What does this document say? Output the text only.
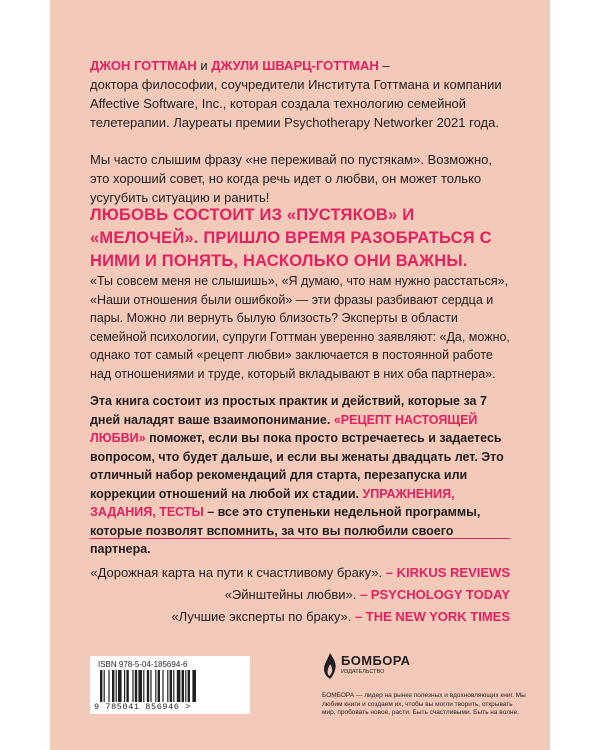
ДЖОН ГОТТМАН и ДЖУЛИ ШВАРЦ-ГОТТМАН –
доктора философии, соучредители Института Готтмана и компании Affective Software, Inc., которая создала технологию семейной телетерапии. Лауреаты премии Psychotherapy Networker 2021 года.

Мы часто слышим фразу «не переживай по пустякам». Возможно, это хороший совет, но когда речь идет о любви, он может только усугубить ситуацию и ранить!

ЛЮБОВЬ СОСТОИТ ИЗ «ПУСТЯКОВ» И «МЕЛОЧЕЙ». ПРИШЛО ВРЕМЯ РАЗОБРАТЬСЯ С НИМИ И ПОНЯТЬ, НАСКОЛЬКО ОНИ ВАЖНЫ.

«Ты совсем меня не слышишь», «Я думаю, что нам нужно расстаться», «Наши отношения были ошибкой» — эти фразы разбивают сердца и пары. Можно ли вернуть былую близость? Эксперты в области семейной психологии, супруги Готтман уверенно заявляют: «Да, можно, однако тот самый «рецепт любви» заключается в постоянной работе над отношениями и труде, который вкладывают в них оба партнера».

Эта книга состоит из простых практик и действий, которые за 7 дней наладят ваше взаимопонимание. «РЕЦЕПТ НАСТОЯЩЕЙ ЛЮБВИ» поможет, если вы пока просто встречаетесь и задаетесь вопросом, что будет дальше, и если вы женаты двадцать лет. Это отличный набор рекомендаций для старта, перезапуска или коррекции отношений на любой их стадии. УПРАЖНЕНИЯ, ЗАДАНИЯ, ТЕСТЫ – все это ступеньки недельной программы, которые позволят вспомнить, за что вы полюбили своего партнера.

«Дорожная карта на пути к счастливому браку». – KIRKUS REVIEWS
«Эйнштейны любви». – PSYCHOLOGY TODAY
«Лучшие эксперты по браку». – THE NEW YORK TIMES
ISBN 978-5-04-185694-6
9 785041 856946 >
БОМБОРА
ИЗДАТЕЛЬСТВО
БОМБОРА — лидер на рынке полезных и вдохновляющих книг. Мы любим книги и создаем их, чтобы вы могли творить, открывать мир, пробовать новое, расти. Быть счастливыми. Быть на волне.
